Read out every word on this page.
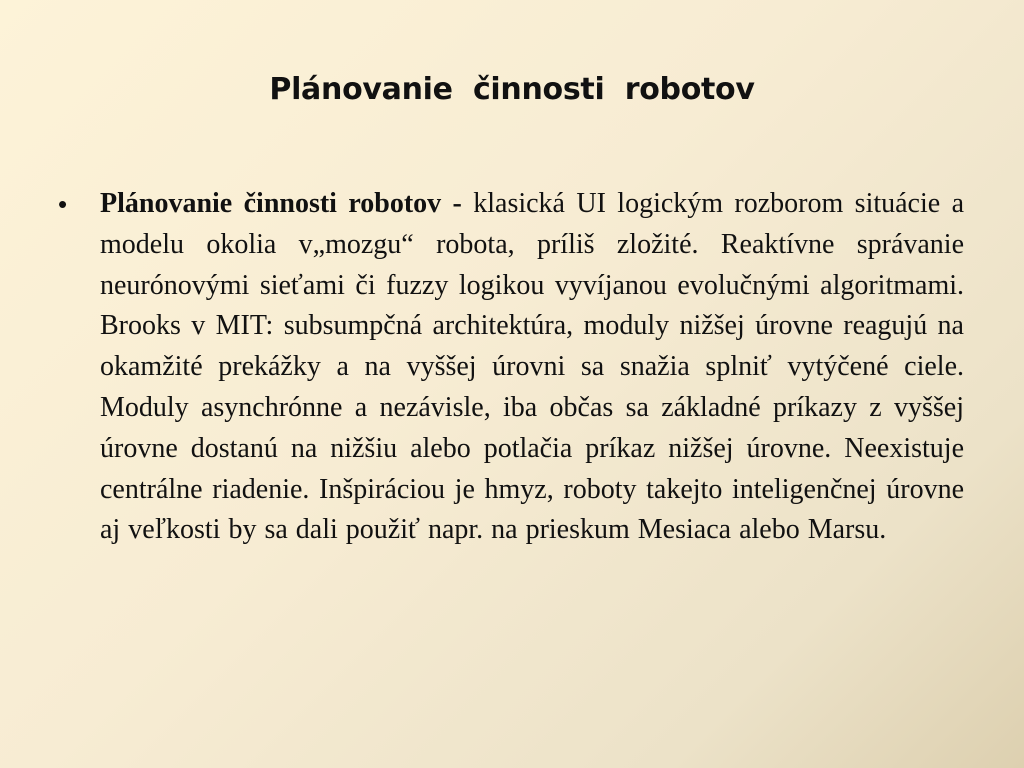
Plánovanie  činnosti  robotov
•	Plánovanie činnosti robotov - klasická UI logickým rozborom situácie a modelu okolia v„mozgu“ robota, príliš zložité. Reaktívne správanie neurónovými sieťami či fuzzy logikou vyvíjanou evolučnými algoritmami. Brooks v MIT: subsumpčná architektúra, moduly nižšej úrovne reagujú na okamžité prekážky a na vyššej úrovni sa snažia splniť vytýčené ciele. Moduly asynchrónne a nezávisle, iba občas sa základné príkazy z vyššej úrovne dostanú na nižšiu alebo potlačia príkaz nižšej úrovne. Neexistuje centrálne riadenie. Inšpiráciou je hmyz, roboty takejto inteligenčnej úrovne aj veľkosti by sa dali použiť napr. na prieskum Mesiaca alebo Marsu.
